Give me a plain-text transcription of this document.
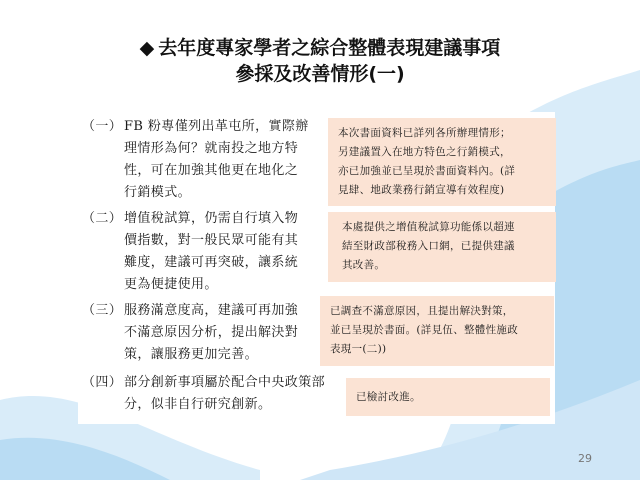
◆ 去年度專家學者之綜合整體表現建議事項
參採及改善情形(一)
（一） FB 粉專僅列出革屯所，實際辦
理情形為何？就南投之地方特
性，可在加強其他更在地化之
行銷模式。
（二） 增值稅試算，仍需自行填入物
價指數，對一般民眾可能有其
難度，建議可再突破，讓系統
更為便捷使用。
（三） 服務滿意度高，建議可再加強
不滿意原因分析，提出解決對
策，讓服務更加完善。
（四） 部分創新事項屬於配合中央政策部
分，似非自行研究創新。
本次書面資料已詳列各所辦理情形；
另建議置入在地方特色之行銷模式，
亦已加強並已呈現於書面資料內。(詳
見肆、地政業務行銷宣導有效程度)
本處提供之增值稅試算功能係以超連
結至財政部稅務入口網，已提供建議
其改善。
已調查不滿意原因，且提出解決對策，
並已呈現於書面。(詳見伍、整體性施政
表現一(二))
已檢討改進。
29
